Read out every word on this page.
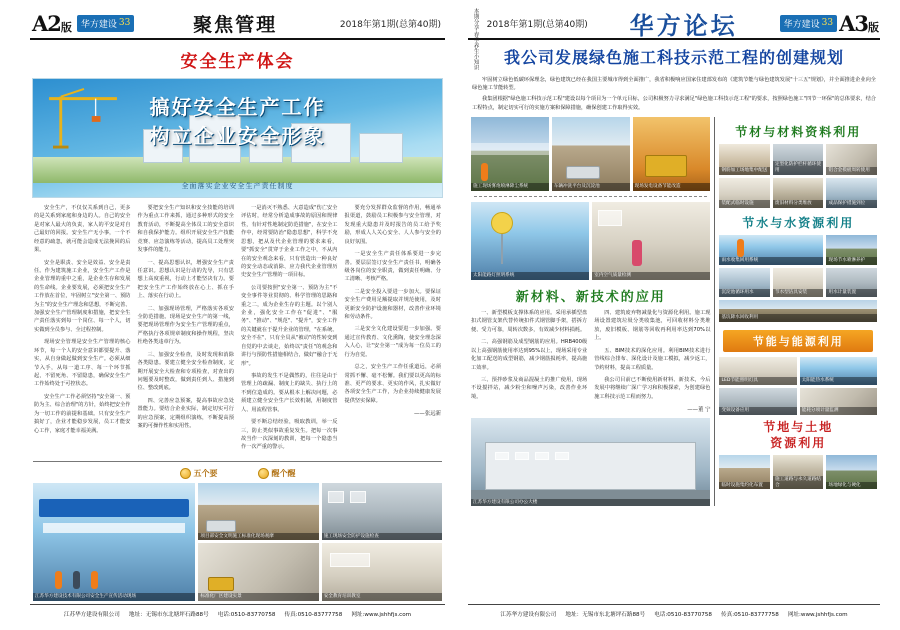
A2版 华方建设 33	聚焦管理	2018年第1期(总第40期)
安全生产体会
搞好安全生产工作
构立企业安全形象
全面落实企业安全生产责任制度

安全生产，不仅仅关系到自己，更多的是关系到家庭和身边的人。自己的安全是对家人最大的负责，家人的平安是对自己最好的回报。安全生产无小事，一个不经意的疏忽，就可能会造成无法挽回的后果。

安全是职责、安全是效益、安全是责任。作为建筑施工企业，安全生产工作是企业管理的重中之重，是企业生存和发展的生命线。企业要发展，必须把安全生产工作放在首位，牢固树立"安全第一、预防为主"的安全生产理念和思想，不断完善、加强安全生产管理制度和措施，把安全生产责任落实到每一个岗位、每一个人，切实做到全员参与、全过程控制。

现场安全管理是安全生产管理的核心环节，每一个人的安全意识都要提升、落实，从自身做起做到安全生产。必须从细节入手，从每一道工序、每一个环节抓起，不留死角、不留隐患，确保安全生产工作始终处于可控状态。

安全生产工作必须坚持"安全第一、预防为主、综合治理"的方针，始终把安全作为一切工作的前提和基础。只有安全生产搞好了，企业才能稳步发展，员工才能安心工作，家庭才能幸福美满。

要把安全生产知识和安全技能的培训作为重点工作来抓，通过多种形式的安全教育活动，不断提高全体员工的安全意识和自我保护能力。组织开展安全生产技能竞赛、应急演练等活动，提高员工处理突发事件的能力。

一、提高思想认识，增强安全生产责任意识。思想认识是行动的先导，只有思想上高度重视，行动上才能坚决有力。要把安全生产工作始终放在心上、抓在手上、落实在行动上。

二、加强现场管理，严格落实各项安全防范措施。现场是安全生产的第一线，要把现场管理作为安全生产管理的重点，严格执行各项规章制度和操作规程，坚决杜绝各类违章行为。

三、加强安全检查，及时发现和消除各类隐患。要建立健全安全检查制度，定期开展安全大检查和专项检查，对查出的问题要及时整改，做到责任到人、措施到位、整改到底。

四、完善应急预案，提高事故应急处置能力。要结合企业实际，制定切实可行的应急预案，定期组织演练，不断提高预案的可操作性和实用性。

一是消灭不熟悉、大意造成"伤亡安全评估时，经常分析造成事故的原因和规律性，有针对性地制定防范措施"，在安全工作中，经常要防治"隐患思想"，科学不充思想，把从及代企业管理的要求来看，要"抓安全"贯穿于企业工作之中，不从内在的安全观念来看，只有营造出一种良好的安全动态或消除、应力我代企业管理历史安全生产管理的一项目标。

公司要按照"安全第一、预防为主"不变全事件等业贯彻的、科学管理的思路和重之二，成为企业生存的主题。以个别人企业，强化安全工作在"促进"、"服务"、"推动"、"规范"、"提升"，安全工作的关键就在于提升企业的管理，"在系统、安全不在"，只有全员从"被动"的性转变到自觉的中去谈走，始终以"责任"的观念和讲行与预防性措施相结合，做好"融合于无形"。

事故的发生不是偶然的，往往是由于管理上的疏漏、制度上的缺失、执行上的不到位造成的。要从根本上解决问题，必须建立健全安全生产长效机制，用制度管人、用流程管事。

要不断总结经验，吸取教训，举一反三，防止类似事故重复发生。把每一次事故当作一次深刻的教训，把每一个隐患当作一次严重的警示。

要充分发挥群众监督的作用，畅通举报渠道，鼓励员工积极参与安全管理，对发现重大隐患并及时报告的员工给予奖励，形成人人关心安全、人人参与安全的良好氛围。

一是安全生产责任体系要进一步完善。要层层签订安全生产责任书，明确各级各岗位的安全职责，做到责任明确、分工清晰、考核严格。

二是安全投入要进一步加大。要保证安全生产费用足额提取并规范使用，及时更新安全防护设施和器材，改善作业环境和劳动条件。

三是安全文化建设要进一步加强。要通过宣传教育、文化熏陶，使安全理念深入人心，让"安全第一"成为每一位员工的行为自觉。

总之，安全生产工作任重道远，必须常抓不懈、毫不松懈。我们要以更高的标准、更严的要求、更实的作风，扎实做好各项安全生产工作，为企业持续健康发展提供坚实保障。

——张远新
五个要	醒个醒
江苏华方建设技术有限公司安全生产宣传活动现场
项目部安全文明施工标准化现场观摩	施工现场安全防护设施检查
标准化厂区建设实景	安全教育培训教室
江苏华方建设有限公司 地址：无锡市东北塘坪石路88号 电话:0510-83770758 传真:0510-83777758 网址:www.jshhfjs.com
本期分享·春季养生小知识 2018年第1期(总第40期)	华方论坛	华方建设 33 A3版
我公司发展绿色施工科技示范工程的创建规划

牢固树立绿色低碳环保理念，绿色建筑已经在我国主要城市得到全面推广，我省积极响应国家住建部发布的《建筑节能与绿色建筑发展"十三五"规划》，并全面推进企业向全绿色施工节能转型。

我集团根据"绿色施工科技示范工程"建设以每个项目为一个单元目标，公司积极努力寻求满足"绿色施工科技示范工程"的要求，按照绿色施工"四节一环保"的总体要求，结合工程特点，制定切实可行的实施方案和保障措施，确保创建工作取得实效。

施工现场雾炮喷淋降尘系统	车辆冲洗平台及沉淀池	现场发电设备节能改造
太阳能路灯照明系统	室内空气质量检测
新材料、新技术的应用

一、新型模板支撑体系的应用。采用承插型盘扣式钢管支架代替传统扣件式钢管脚手架，搭拆方便、受力可靠，周转次数多，有效减少材料损耗。

二、高强钢筋及成型钢筋的应用。HRB400级以上高强钢筋使用率达到95%以上，现场采用专业化加工配送的成型钢筋，减少钢筋损耗率，提高施工效率。

三、预拌砂浆及商品混凝土的推广使用，现场不设搅拌站，减少粉尘和噪声污染，改善作业环境。

四、建筑废弃物减量化与资源化利用。施工现场设置建筑垃圾分类收集池，可回收材料分类堆放，废旧模板、钢筋等回收再利用率达到70%以上。

五、BIM技术的深化应用。利用BIM技术进行管线综合排布、深化设计及施工模拟，减少返工，节约材料，提高工程质量。

我公司目前已不断使用新材料、新技术，今后发展中将继续广深广学习和积极探索，为创建绿色施工科技示范工程而努力。

——董 宁
江苏华方建设有限公司办公大楼
节材与材料资料利用
钢筋加工场地集中配送
定型化防护栏杆循环使用	铝合金模板周转使用
装配式临时设施	废旧材料分类堆放	成品保护措施到位
节水与水资源利用
雨水收集回用系统	现场节水喷淋养护
沉淀池循环用水	节水型洁具安装	用水计量装置
基坑降水回收利用
节能与能源利用
LED节能照明灯具	太阳能热水系统
变频设备应用	能耗分项计量监测
节地与土地
资源利用
临时设施集约化布置
施工道路与永久道路结合	场地绿化与硬化
江苏华方建设有限公司 地址：无锡市东北塘坪石路88号 电话:0510-83770758 传真:0510-83777758 网址:www.jshhfjs.com
